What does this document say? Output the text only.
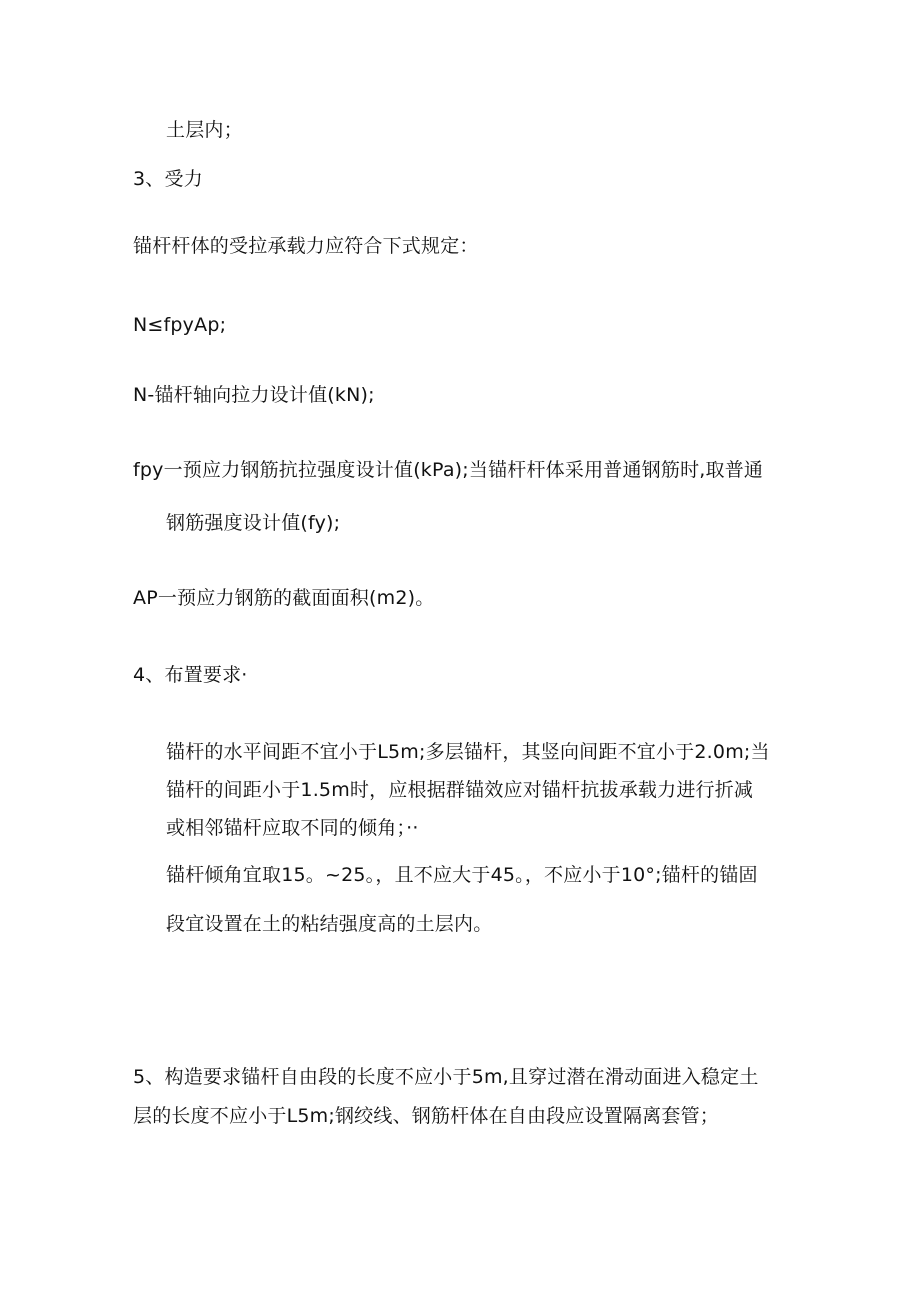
土层内；
3、受力
锚杆杆体的受拉承载力应符合下式规定：
N≤fpyAp;
N-锚杆轴向拉力设计值(kN);
fpy一预应力钢筋抗拉强度设计值(kPa);当锚杆杆体采用普通钢筋时,取普通
钢筋强度设计值(fy);
AP一预应力钢筋的截面面积(m2)。
4、布置要求·
锚杆的水平间距不宜小于L5m;多层锚杆，其竖向间距不宜小于2.0m;当
锚杆的间距小于1.5m时，应根据群锚效应对锚杆抗拔承载力进行折减
或相邻锚杆应取不同的倾角；··
锚杆倾角宜取15。~25。，且不应大于45。，不应小于10°;锚杆的锚固
段宜设置在土的粘结强度高的土层内。
5、构造要求锚杆自由段的长度不应小于5m,且穿过潜在滑动面进入稳定土
层的长度不应小于L5m;钢绞线、钢筋杆体在自由段应设置隔离套管；
